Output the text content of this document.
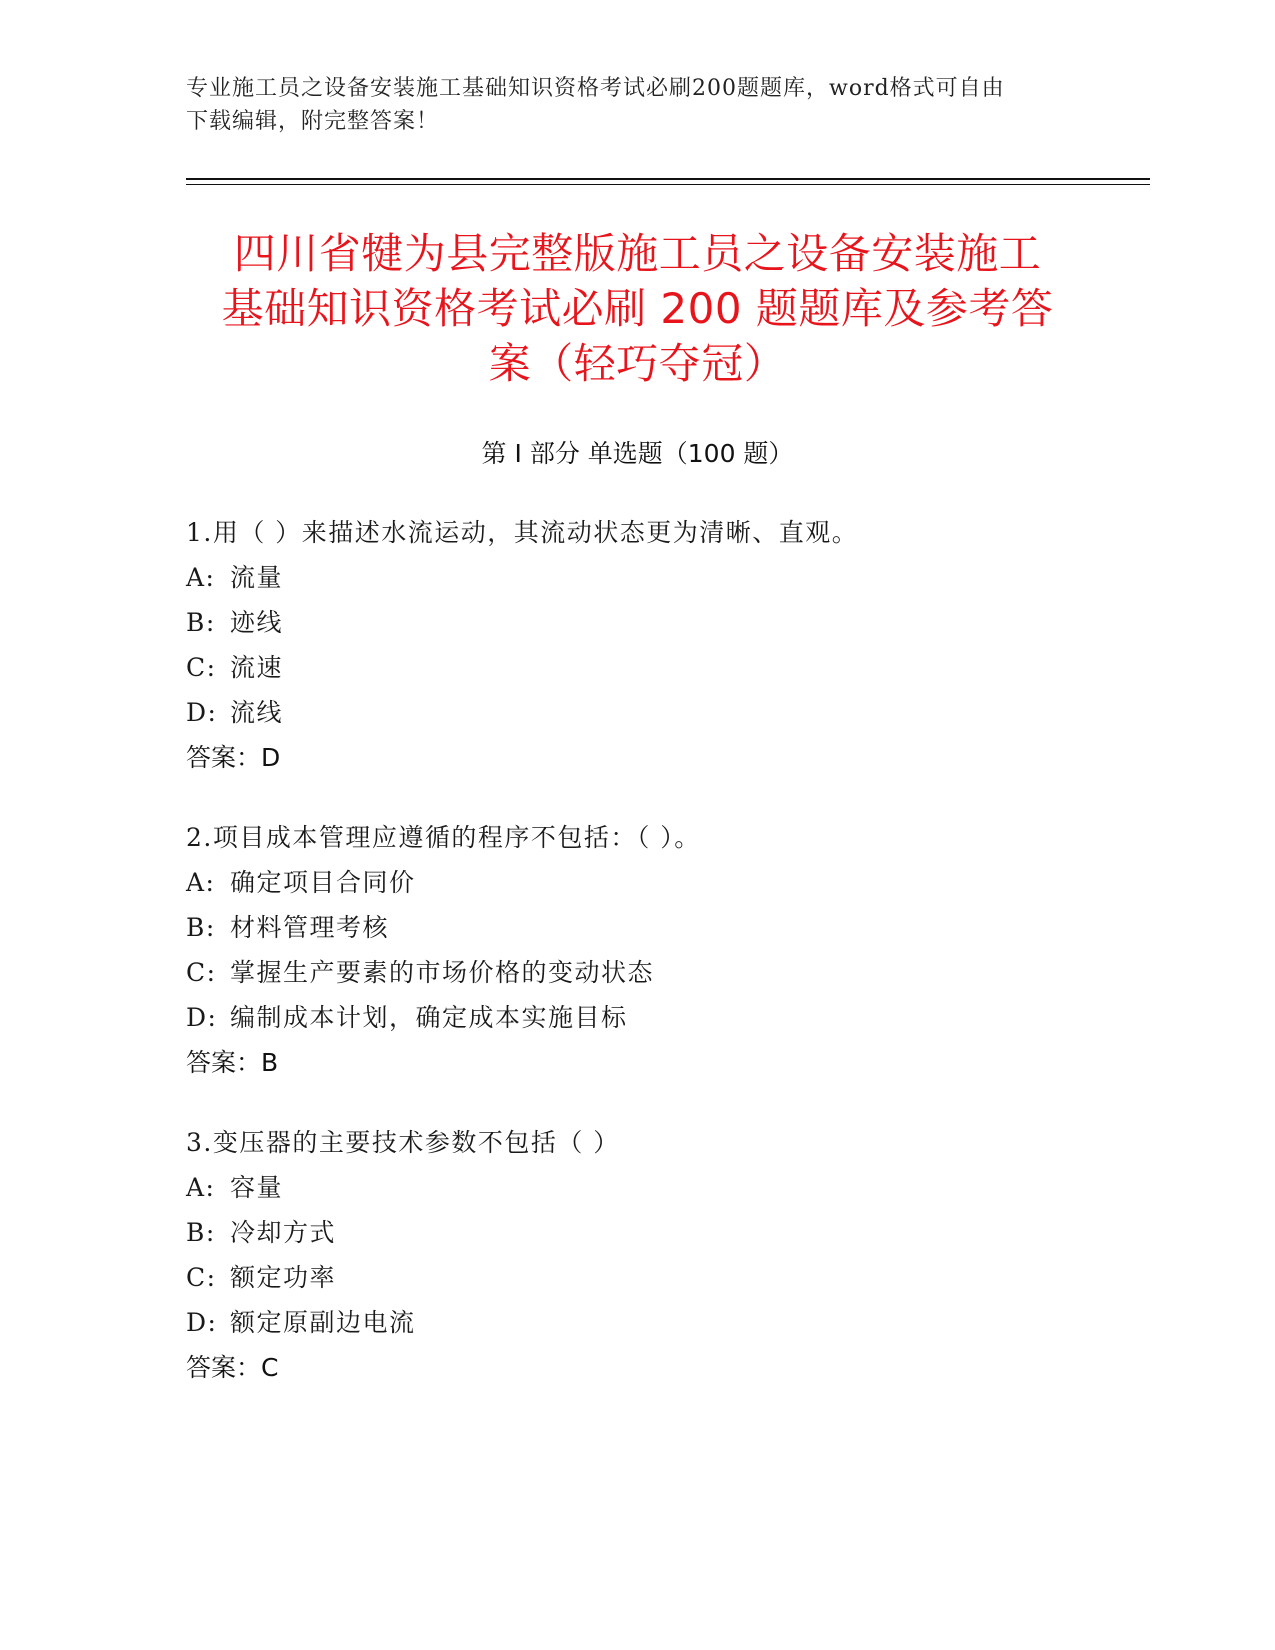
专业施工员之设备安装施工基础知识资格考试必刷200题题库，word格式可自由
下载编辑，附完整答案！
四川省犍为县完整版施工员之设备安装施工
基础知识资格考试必刷 200 题题库及参考答
案（轻巧夺冠）
第 I 部分 单选题（100 题）
1.用（ ）来描述水流运动，其流动状态更为清晰、直观。
A: 流量
B: 迹线
C: 流速
D: 流线
答案：D
2.项目成本管理应遵循的程序不包括：（ ）。
A: 确定项目合同价
B: 材料管理考核
C: 掌握生产要素的市场价格的变动状态
D: 编制成本计划，确定成本实施目标
答案：B
3.变压器的主要技术参数不包括（ ）
A: 容量
B: 冷却方式
C: 额定功率
D: 额定原副边电流
答案：C
